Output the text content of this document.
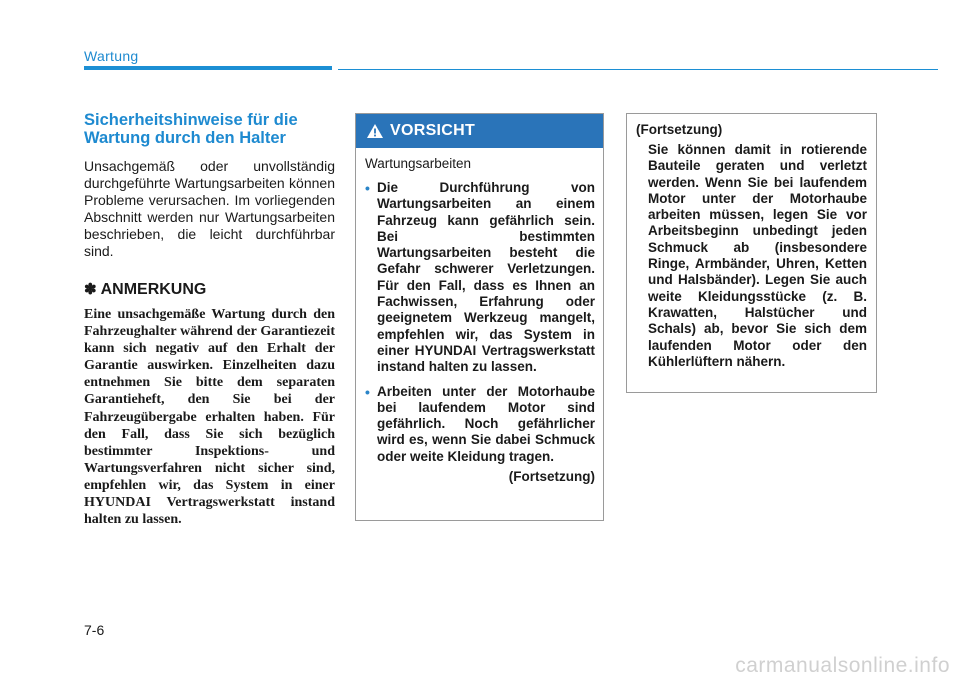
Wartung
Sicherheitshinweise für die Wartung durch den Halter

Unsachgemäß oder unvollständig durchgeführte Wartungsarbeiten können Probleme verursachen. Im vorliegenden Abschnitt werden nur Wartungsarbeiten beschrieben, die leicht durchführbar sind.

✽ ANMERKUNG

Eine unsachgemäße Wartung durch den Fahrzeughalter während der Garantiezeit kann sich negativ auf den Erhalt der Garantie auswirken. Einzelheiten dazu entnehmen Sie bitte dem separaten Garantieheft, den Sie bei der Fahrzeugübergabe erhalten haben. Für den Fall, dass Sie sich bezüglich bestimmter Inspektions- und Wartungsverfahren nicht sicher sind, empfehlen wir, das System in einer HYUNDAI Vertragswerkstatt instand halten zu lassen.

VORSICHT

Wartungsarbeiten

• Die Durchführung von Wartungsarbeiten an einem Fahrzeug kann gefährlich sein. Bei bestimmten Wartungsarbeiten besteht die Gefahr schwerer Verletzungen. Für den Fall, dass es Ihnen an Fachwissen, Erfahrung oder geeignetem Werkzeug mangelt, empfehlen wir, das System in einer HYUNDAI Vertragswerkstatt instand halten zu lassen.
• Arbeiten unter der Motorhaube bei laufendem Motor sind gefährlich. Noch gefährlicher wird es, wenn Sie dabei Schmuck oder weite Kleidung tragen.
(Fortsetzung)
(Fortsetzung)

Sie können damit in rotierende Bauteile geraten und verletzt werden. Wenn Sie bei laufendem Motor unter der Motorhaube arbeiten müssen, legen Sie vor Arbeitsbeginn unbedingt jeden Schmuck ab (insbesondere Ringe, Armbänder, Uhren, Ketten und Halsbänder). Legen Sie auch weite Kleidungsstücke (z. B. Krawatten, Halstücher und Schals) ab, bevor Sie sich dem laufenden Motor oder den Kühlerlüftern nähern.

7-6
carmanualsonline.info
